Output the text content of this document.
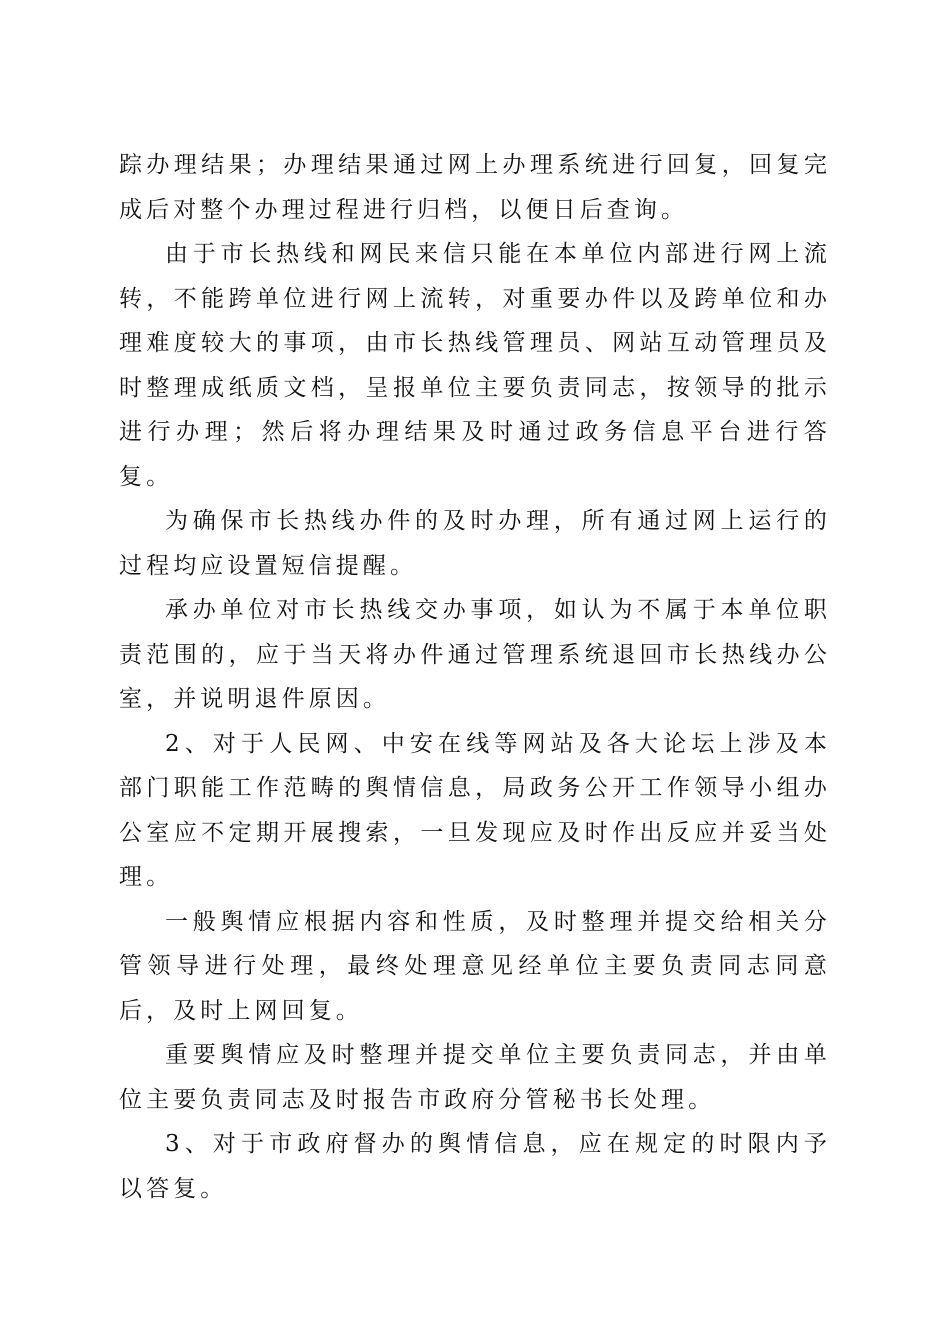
踪办理结果；办理结果通过网上办理系统进行回复，回复完成后对整个办理过程进行归档，以便日后查询。

由于市长热线和网民来信只能在本单位内部进行网上流转，不能跨单位进行网上流转，对重要办件以及跨单位和办理难度较大的事项，由市长热线管理员、网站互动管理员及时整理成纸质文档，呈报单位主要负责同志，按领导的批示进行办理；然后将办理结果及时通过政务信息平台进行答复。

为确保市长热线办件的及时办理，所有通过网上运行的过程均应设置短信提醒。

承办单位对市长热线交办事项，如认为不属于本单位职责范围的，应于当天将办件通过管理系统退回市长热线办公室，并说明退件原因。

2、对于人民网、中安在线等网站及各大论坛上涉及本部门职能工作范畴的舆情信息，局政务公开工作领导小组办公室应不定期开展搜索，一旦发现应及时作出反应并妥当处理。

一般舆情应根据内容和性质，及时整理并提交给相关分管领导进行处理，最终处理意见经单位主要负责同志同意后，及时上网回复。

重要舆情应及时整理并提交单位主要负责同志，并由单位主要负责同志及时报告市政府分管秘书长处理。

3、对于市政府督办的舆情信息，应在规定的时限内予以答复。
